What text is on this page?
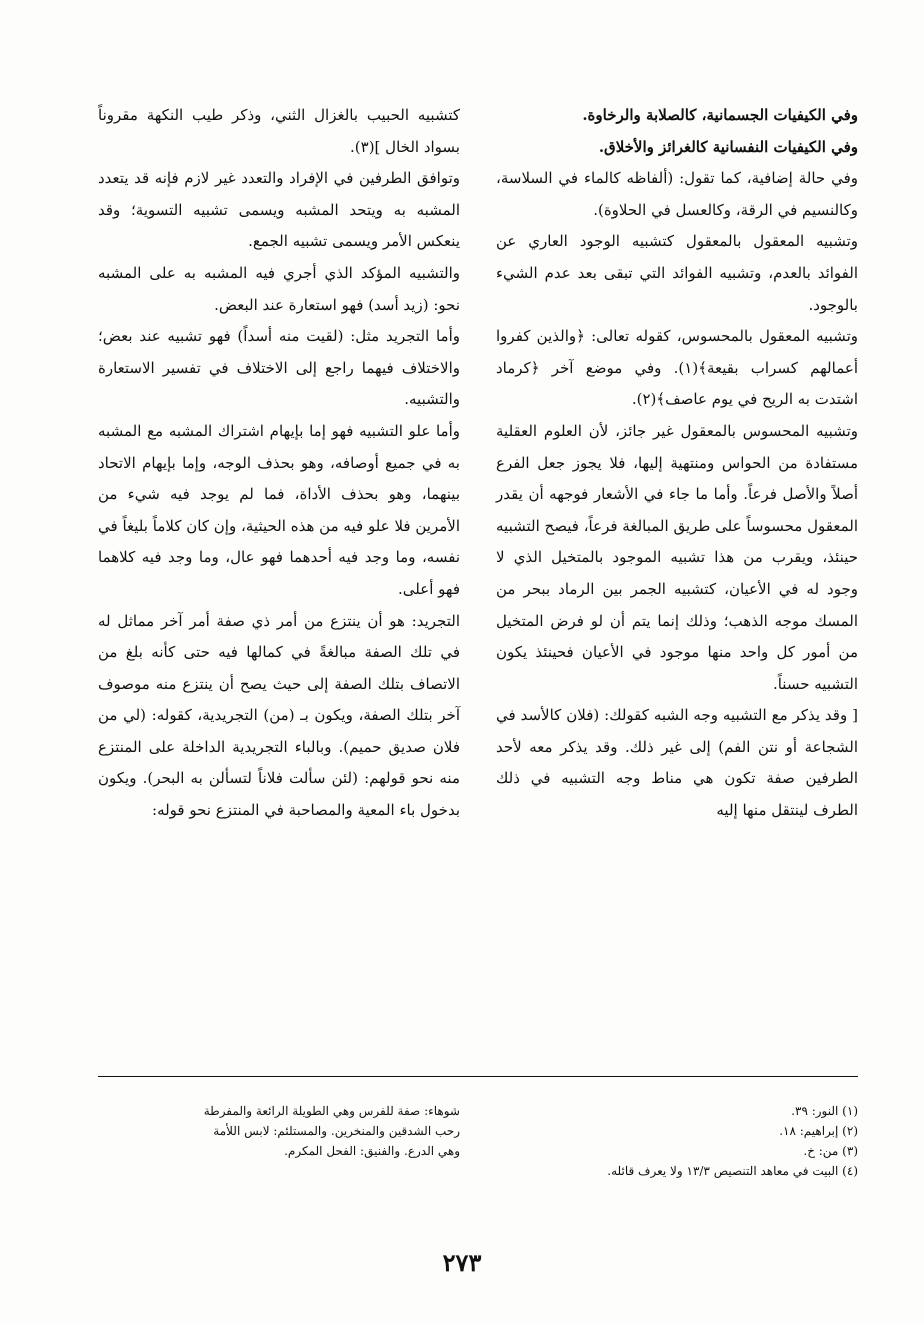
وفي الكيفيات الجسمانية، كالصلابة والرخاوة.

وفي الكيفيات النفسانية كالغرائز والأخلاق.

وفي حالة إضافية، كما تقول: (ألفاظه كالماء في السلاسة، وكالنسيم في الرقة، وكالعسل في الحلاوة).

وتشبيه المعقول بالمعقول كتشبيه الوجود العاري عن الفوائد بالعدم، وتشبيه الفوائد التي تبقى بعد عدم الشيء بالوجود.

وتشبيه المعقول بالمحسوس، كقوله تعالى: ﴿والذين كفروا أعمالهم كسراب بقيعة﴾(١). وفي موضع آخر ﴿كرماد اشتدت به الريح في يوم عاصف﴾(٢).

وتشبيه المحسوس بالمعقول غير جائز، لأن العلوم العقلية مستفادة من الحواس ومنتهية إليها، فلا يجوز جعل الفرع أصلاً والأصل فرعاً. وأما ما جاء في الأشعار فوجهه أن يقدر المعقول محسوساً على طريق المبالغة فرعاً، فيصح التشبيه حينئذ، ويقرب من هذا تشبيه الموجود بالمتخيل الذي لا وجود له في الأعيان، كتشبيه الجمر بين الرماد ببحر من المسك موجه الذهب؛ وذلك إنما يتم أن لو فرض المتخيل من أمور كل واحد منها موجود في الأعيان فحينئذ يكون التشبيه حسناً.

[ وقد يذكر مع التشبيه وجه الشبه كقولك: (فلان كالأسد في الشجاعة أو نتن الفم) إلى غير ذلك. وقد يذكر معه لأحد الطرفين صفة تكون هي مناط وجه التشبيه في ذلك الطرف لينتقل منها إليه

كتشبيه الحبيب بالغزال الثني، وذكر طيب النكهة مقروناً بسواد الخال ](٣).

وتوافق الطرفين في الإفراد والتعدد غير لازم فإنه قد يتعدد المشبه به ويتحد المشبه ويسمى تشبيه التسوية؛ وقد ينعكس الأمر ويسمى تشبيه الجمع.

والتشبيه المؤكد الذي أجري فيه المشبه به على المشبه نحو: (زيد أسد) فهو استعارة عند البعض.

وأما التجريد مثل: (لقيت منه أسداً) فهو تشبيه عند بعض؛ والاختلاف فيهما راجع إلى الاختلاف في تفسير الاستعارة والتشبيه.

وأما علو التشبيه فهو إما بإيهام اشتراك المشبه مع المشبه به في جميع أوصافه، وهو بحذف الوجه، وإما بإيهام الاتحاد بينهما، وهو بحذف الأداة، فما لم يوجد فيه شيء من الأمرين فلا علو فيه من هذه الحيثية، وإن كان كلاماً بليغاً في نفسه، وما وجد فيه أحدهما فهو عال، وما وجد فيه كلاهما فهو أعلى.

التجريد: هو أن ينتزع من أمر ذي صفة أمر آخر مماثل له في تلك الصفة مبالغةً في كمالها فيه حتى كأنه بلغ من الاتصاف بتلك الصفة إلى حيث يصح أن ينتزع منه موصوف آخر بتلك الصفة، ويكون بـ (من) التجريدية، كقوله: (لي من فلان صديق حميم). وبالباء التجريدية الداخلة على المنتزع منه نحو قولهم: (لئن سألت فلاناً لتسألن به البحر). ويكون بدخول باء المعية والمصاحبة في المنتزع نحو قوله:

(١) النور: ٣٩.
(٢) إبراهيم: ١٨.
(٣) من: خ.
(٤) البيت في معاهد التنصيص ١٣/٣ ولا يعرف قائله.
شوهاء: صفة للفرس وهي الطويلة الرائعة والمفرطة
رحب الشدقين والمنخرين. والمستلئم: لابس اللأمة
وهي الدرع. والفنيق: الفحل المكرم.
٢٧٣
